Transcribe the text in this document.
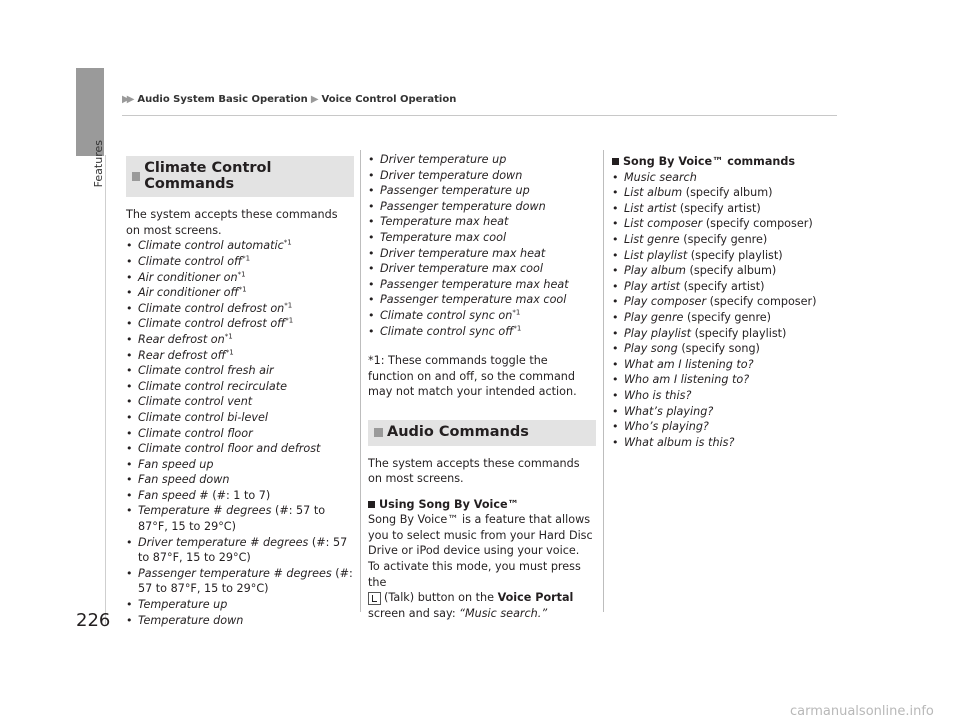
Features
▶▶ Audio System Basic Operation ▶ Voice Control Operation
Climate Control Commands

The system accepts these commands on most screens.

• Climate control automatic$^{*1}$
• Climate control off$^{*1}$
• Air conditioner $on^{*1}$
• Air conditioner off$^{*1}$
• Climate control defrost $on^{*1}$
• Climate control defrost off$^{*1}$
• Rear defrost $on^{*1}$
• Rear defrost off$^{*1}$
• Climate control fresh air
• Climate control recirculate
• Climate control vent
• Climate control bi-level
• Climate control floor
• Climate control floor and defrost
• Fan speed up
• Fan speed down
• Fan speed # (#: 1 to 7)
• Temperature # degrees (#: 57 to 87°F, 15 to 29°C)
• Driver temperature # degrees (#: 57 to 87°F, 15 to 29°C)
• Passenger temperature # degrees (#: 57 to 87°F, 15 to 29°C)
• Temperature up
• Temperature down
• Driver temperature up
• Driver temperature down
• Passenger temperature up
• Passenger temperature down
• Temperature max heat
• Temperature max cool
• Driver temperature max heat
• Driver temperature max cool
• Passenger temperature max heat
• Passenger temperature max cool
• Climate control sync $on^{*1}$
• Climate control sync off$^{*1}$

*1: These commands toggle the function on and off, so the command may not match your intended action.

Audio Commands

The system accepts these commands on most screens.

Using Song By Voice™

Song By Voice™ is a feature that allows you to select music from your Hard Disc Drive or iPod device using your voice.

To activate this mode, you must press the
(Talk) button on the Voice Portal screen and say: “Music search.”

Song By Voice™ commands
• Music search
• List album (specify album)
• List artist (specify artist)
• List composer (specify composer)
• List genre (specify genre)
• List playlist (specify playlist)
• Play album (specify album)
• Play artist (specify artist)
• Play composer (specify composer)
• Play genre (specify genre)
• Play playlist (specify playlist)
• Play song (specify song)
• What am I listening to?
• Who am I listening to?
• Who is this?
• What’s playing?
• Who’s playing?
• What album is this?
226
carmanualsonline.info
